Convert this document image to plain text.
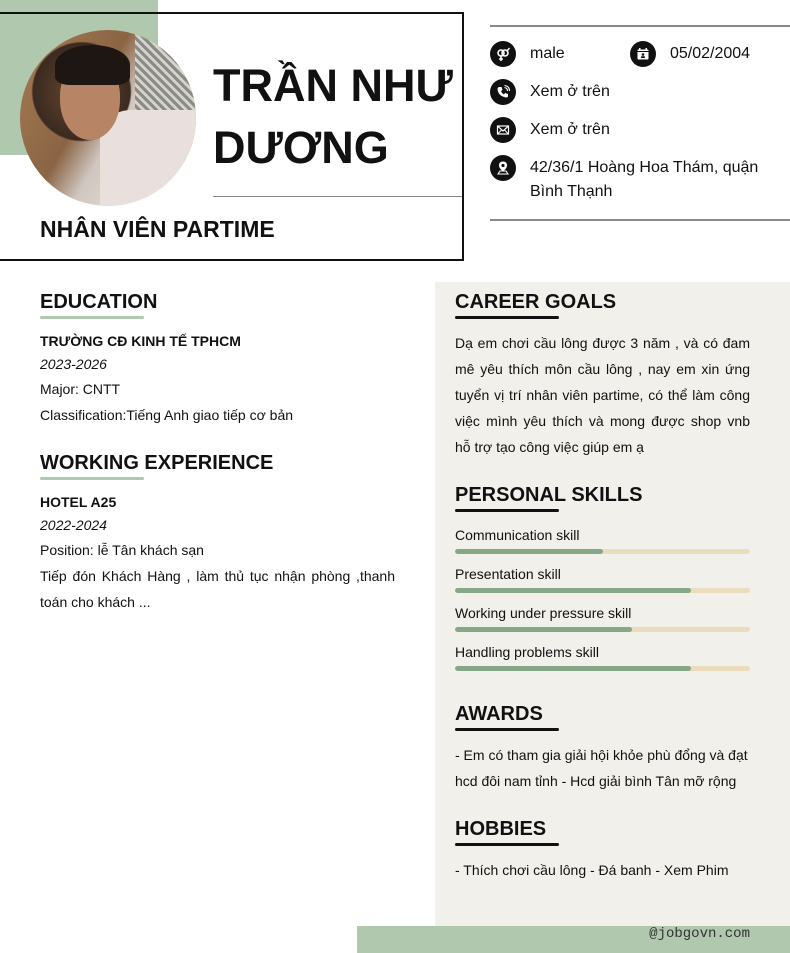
TRẦN NHƯ
DƯƠNG
NHÂN VIÊN PARTIME
male	05/02/2004
Xem ở trên
Xem ở trên
42/36/1 Hoàng Hoa Thám, quận Bình Thạnh
EDUCATION
TRƯỜNG CĐ KINH TẾ TPHCM
2023-2026
Major: CNTT
Classification:Tiếng Anh giao tiếp cơ bản
WORKING EXPERIENCE
HOTEL A25
2022-2024
Position: lễ Tân khách sạn
Tiếp đón Khách Hàng , làm thủ tục nhận phòng ,thanh toán cho khách ...
CAREER GOALS
Dạ em chơi cầu lông được 3 năm , và có đam mê yêu thích môn cầu lông , nay em xin ứng tuyển vị trí nhân viên partime, có thể làm công việc mình yêu thích và mong được shop vnb hỗ trợ tạo công việc giúp em ạ
PERSONAL SKILLS
Communication skill
Presentation skill
Working under pressure skill
Handling problems skill
AWARDS
- Em có tham gia giải hội khỏe phù đổng và đạt hcd đôi nam tỉnh - Hcd giải bình Tân mỡ rộng
HOBBIES
- Thích chơi cầu lông - Đá banh - Xem Phim
@jobgovn.com
